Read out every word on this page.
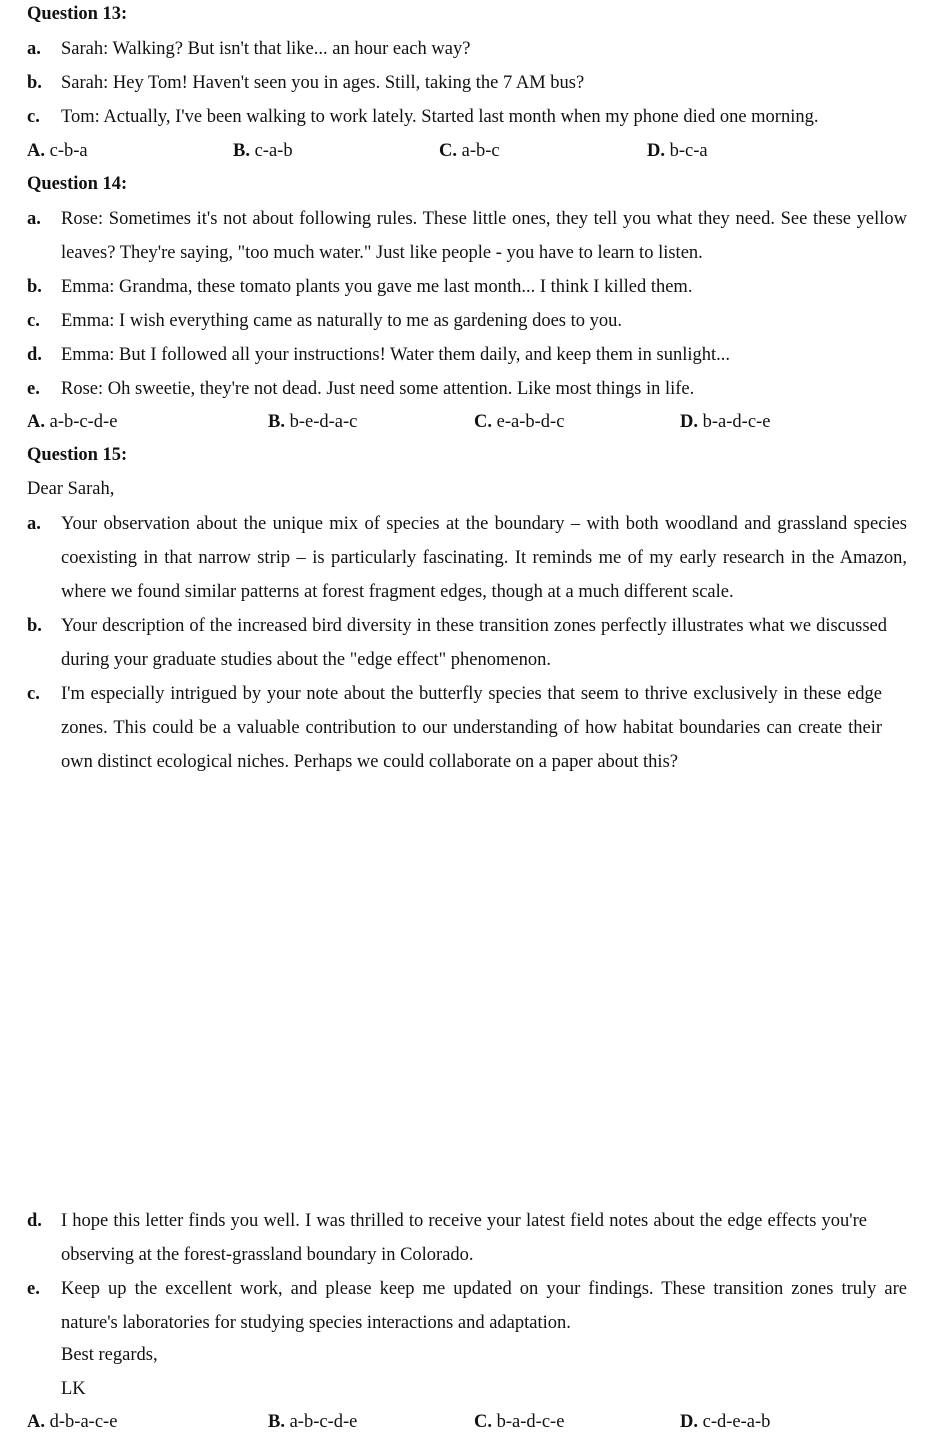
Question 13:
a. Sarah: Walking? But isn't that like... an hour each way?
b. Sarah: Hey Tom! Haven't seen you in ages. Still, taking the 7 AM bus?
c. Tom: Actually, I've been walking to work lately. Started last month when my phone died one morning.
A. c-b-a	B. c-a-b	C. a-b-c	D. b-c-a
Question 14:
a. Rose: Sometimes it's not about following rules. These little ones, they tell you what they need. See these yellow leaves? They're saying, "too much water." Just like people - you have to learn to listen.
b. Emma: Grandma, these tomato plants you gave me last month... I think I killed them.
c. Emma: I wish everything came as naturally to me as gardening does to you.
d. Emma: But I followed all your instructions! Water them daily, and keep them in sunlight...
e. Rose: Oh sweetie, they're not dead. Just need some attention. Like most things in life.
A. a-b-c-d-e	B. b-e-d-a-c	C. e-a-b-d-c	D. b-a-d-c-e
Question 15:
Dear Sarah,
a. Your observation about the unique mix of species at the boundary – with both woodland and grassland species coexisting in that narrow strip – is particularly fascinating. It reminds me of my early research in the Amazon, where we found similar patterns at forest fragment edges, though at a much different scale.
b. Your description of the increased bird diversity in these transition zones perfectly illustrates what we discussed during your graduate studies about the "edge effect" phenomenon.
c. I'm especially intrigued by your note about the butterfly species that seem to thrive exclusively in these edge zones. This could be a valuable contribution to our understanding of how habitat boundaries can create their own distinct ecological niches. Perhaps we could collaborate on a paper about this?
d. I hope this letter finds you well. I was thrilled to receive your latest field notes about the edge effects you're observing at the forest-grassland boundary in Colorado.
e. Keep up the excellent work, and please keep me updated on your findings. These transition zones truly are nature's laboratories for studying species interactions and adaptation.
Best regards,
LK
A. d-b-a-c-e	B. a-b-c-d-e	C. b-a-d-c-e	D. c-d-e-a-b
